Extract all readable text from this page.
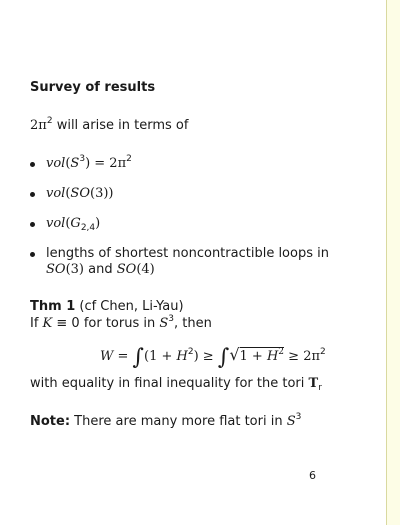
Survey of results
$2\pi^2$ will arise in terms of
$vol(S^3) = 2\pi^2$
vol(SO(3))
$vol(G_{2,4})$
lengths of shortest noncontractible loops in
SO(3) and SO(4)
Thm 1 (cf Chen, Li-Yau)
If K ≡ 0 for torus in $S^3$, then
$W = \int(1 + H^2) \ge \int√1 + H^2 \ge 2\pi^2$
with equality in final inequality for the tori $T_r$
Note: There are many more flat tori in $S^3$
6
